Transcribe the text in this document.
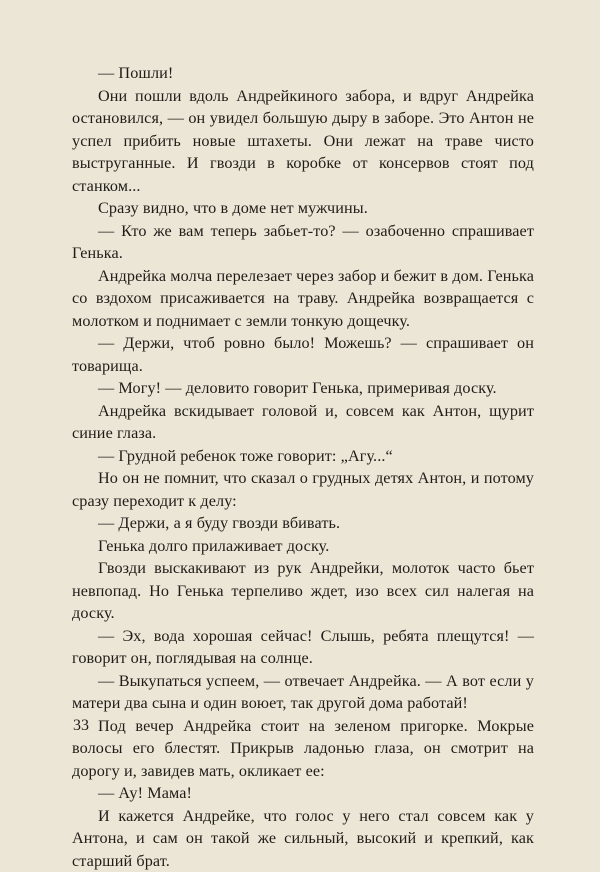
— Пошли!

Они пошли вдоль Андрейкиного забора, и вдруг Андрейка остановился, — он увидел большую дыру в заборе. Это Антон не успел прибить новые штахеты. Они лежат на траве чисто выструганные. И гвозди в коробке от консервов стоят под станком...

Сразу видно, что в доме нет мужчины.

— Кто же вам теперь забьет-то? — озабоченно спрашивает Генька.

Андрейка молча перелезает через забор и бежит в дом. Генька со вздохом присаживается на траву. Андрейка возвращается с молотком и поднимает с земли тонкую дощечку.

— Держи, чтоб ровно было! Можешь? — спрашивает он товарища.

— Могу! — деловито говорит Генька, примеривая доску.

Андрейка вскидывает головой и, совсем как Антон, щурит синие глаза.

— Грудной ребенок тоже говорит: „Агу...“

Но он не помнит, что сказал о грудных детях Антон, и потому сразу переходит к делу:

— Держи, а я буду гвозди вбивать.

Генька долго прилаживает доску.

Гвозди выскакивают из рук Андрейки, молоток часто бьет невпопад. Но Генька терпеливо ждет, изо всех сил налегая на доску.

— Эх, вода хорошая сейчас! Слышь, ребята плещутся! — говорит он, поглядывая на солнце.

— Выкупаться успеем, — отвечает Андрейка. — А вот если у матери два сына и один воюет, так другой дома работай!

Под вечер Андрейка стоит на зеленом пригорке. Мокрые волосы его блестят. Прикрыв ладонью глаза, он смотрит на дорогу и, завидев мать, окликает ее:

— Ау! Мама!

И кажется Андрейке, что голос у него стал совсем как у Антона, и сам он такой же сильный, высокий и крепкий, как старший брат.

33
